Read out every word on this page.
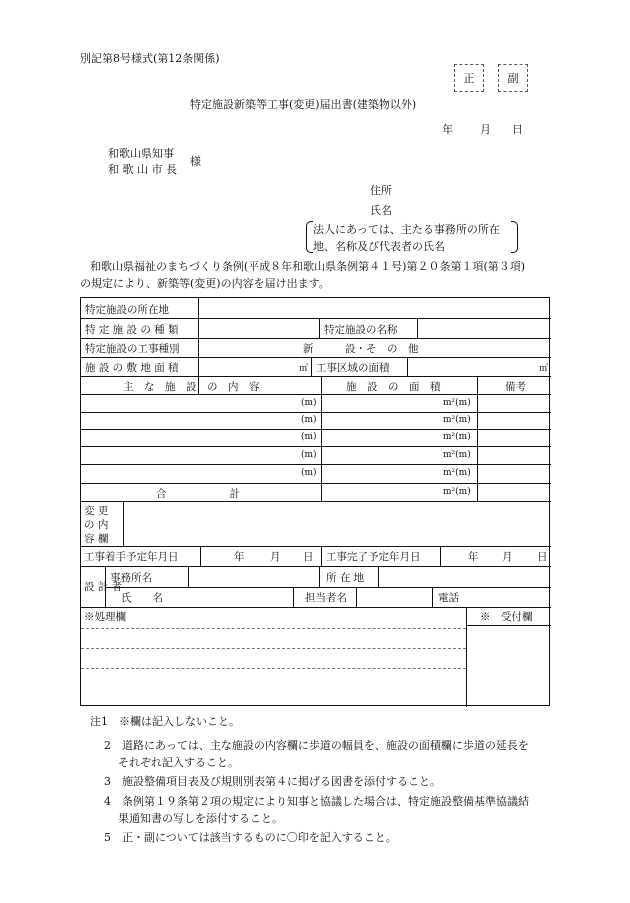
別記第8号様式(第12条関係)
正	副
特定施設新築等工事(変更)届出書(建築物以外)
年 月 日
和歌山県知事
和 歌 山 市 長
様
住所
氏名
法人にあっては、主たる事務所の所在
地、名称及び代表者の氏名
和歌山県福祉のまちづくり条例(平成８年和歌山県条例第４１号)第２０条第１項(第３項)
の規定により、新築等(変更)の内容を届け出ます。
特定施設の所在地
特 定 施 設 の 種 類	特定施設の名称
特定施設の工事種別	新　　　設・そ　の　他
施 設 の 敷 地 面 積	㎡ 工事区域の面積	㎡
主　な　施　設　の　内　容	施　設　の　面　積	備考
(m)	m²(m)
(m)	m²(m)
(m)	m²(m)
(m)	m²(m)
(m)	m²(m)
合　　　　　　計	m²(m)
変 更
の 内
容 欄
工事着手予定年月日	年 月 日 工事完了予定年月日	年 月 日
設 計 者
事務所名	所 在 地
氏　　名	担当者名	電話
※処理欄	※　受付欄
注1　※欄は記入しないこと。
2　道路にあっては、主な施設の内容欄に歩道の幅員を、施設の面積欄に歩道の延長を
それぞれ記入すること。
3　施設整備項目表及び規則別表第４に掲げる図書を添付すること。
4　条例第１９条第２項の規定により知事と協議した場合は、特定施設整備基準協議結
果通知書の写しを添付すること。
5　正・副については該当するものに〇印を記入すること。
